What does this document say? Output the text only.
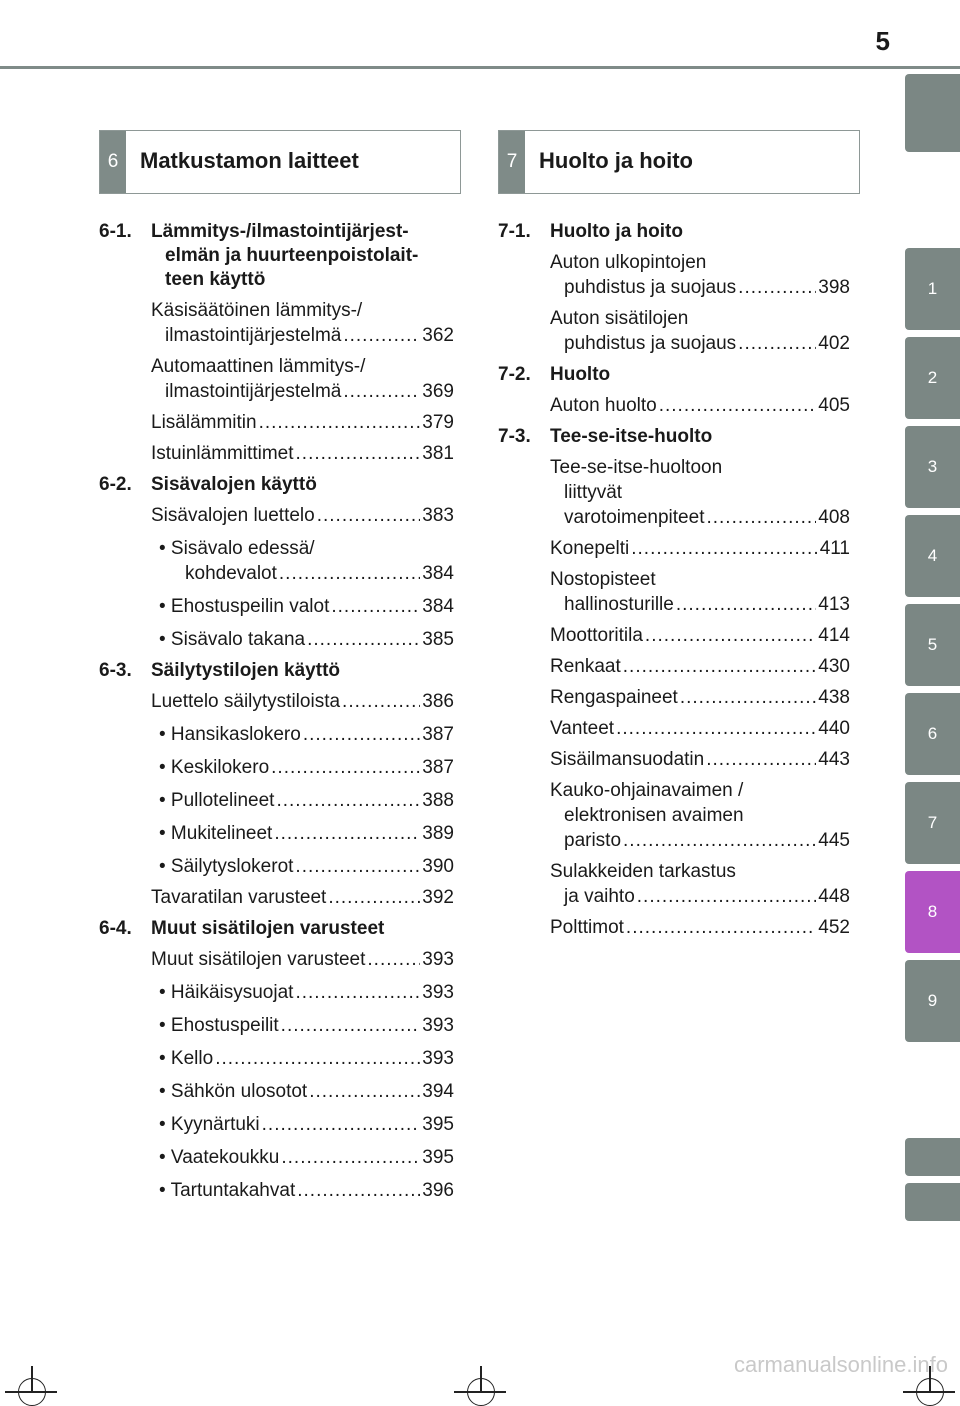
5
1
2
3
4
5
6
7
8
9
6 Matkustamon laitteet	7 Huolto ja hoito
6-1.	Lämmitys-/ilmastointijärjest-
elmän ja huurteenpoistolait-
teen käyttö
Käsisäätöinen lämmitys-/
ilmastointijärjestelmä .....	362
Automaattinen lämmitys-/
ilmastointijärjestelmä .....	369
Lisälämmitin .....	379
Istuinlämmittimet .....	381
6-2.	Sisävalojen käyttö
Sisävalojen luettelo .....	383
• Sisävalo edessä/
kohdevalot .....	384
• Ehostuspeilin valot .....	384
• Sisävalo takana .....	385
6-3.	Säilytystilojen käyttö
Luettelo säilytystiloista .....	386
• Hansikaslokero .....	387
• Keskilokero .....	387
• Pullotelineet .....	388
• Mukitelineet .....	389
• Säilytyslokerot .....	390
Tavaratilan varusteet .....	392
6-4.	Muut sisätilojen varusteet
Muut sisätilojen varusteet .....	393
• Häikäisysuojat .....	393
• Ehostuspeilit .....	393
• Kello .....	393
• Sähkön ulosotot .....	394
• Kyynärtuki .....	395
• Vaatekoukku .....	395
• Tartuntakahvat .....	396
7-1.	Huolto ja hoito
Auton ulkopintojen
puhdistus ja suojaus .....	398
Auton sisätilojen
puhdistus ja suojaus .....	402
7-2.	Huolto
Auton huolto .....	405
7-3.	Tee-se-itse-huolto
Tee-se-itse-huoltoon
liittyvät
varotoimenpiteet .....	408
Konepelti .....	411
Nostopisteet
hallinosturille .....	413
Moottoritila .....	414
Renkaat .....	430
Rengaspaineet .....	438
Vanteet .....	440
Sisäilmansuodatin .....	443
Kauko-ohjainavaimen /
elektronisen avaimen
paristo .....	445
Sulakkeiden tarkastus
ja vaihto .....	448
Polttimot .....	452
carmanualsonline.info
